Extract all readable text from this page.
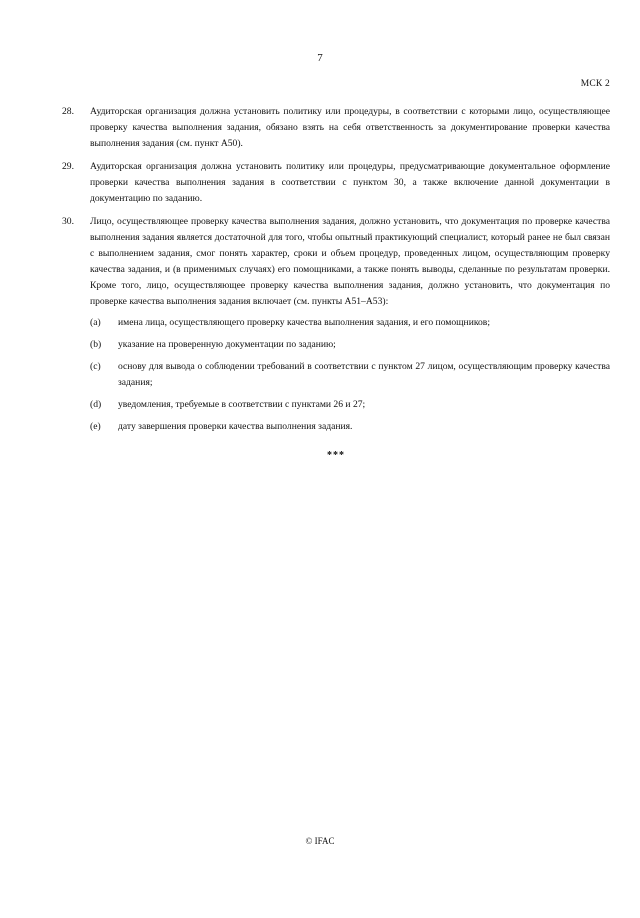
7
МСК 2
28.	Аудиторская организация должна установить политику или процедуры, в соответствии с которыми лицо, осуществляющее проверку качества выполнения задания, обязано взять на себя ответственность за документирование проверки качества выполнения задания (см. пункт A50).
29.	Аудиторская организация должна установить политику или процедуры, предусматривающие документальное оформление проверки качества выполнения задания в соответствии с пунктом 30, а также включение данной документации в документацию по заданию.
30.	Лицо, осуществляющее проверку качества выполнения задания, должно установить, что документация по проверке качества выполнения задания является достаточной для того, чтобы опытный практикующий специалист, который ранее не был связан с выполнением задания, смог понять характер, сроки и объем процедур, проведенных лицом, осуществляющим проверку качества задания, и (в применимых случаях) его помощниками, а также понять выводы, сделанные по результатам проверки. Кроме того, лицо, осуществляющее проверку качества выполнения задания, должно установить, что документация по проверке качества выполнения задания включает (см. пункты A51–A53):
(a)	имена лица, осуществляющего проверку качества выполнения задания, и его помощников;
(b)	указание на проверенную документации по заданию;
(c)	основу для вывода о соблюдении требований в соответствии с пунктом 27 лицом, осуществляющим проверку качества задания;
(d)	уведомления, требуемые в соответствии с пунктами 26 и 27;
(e)	дату завершения проверки качества выполнения задания.
***
© IFAC
